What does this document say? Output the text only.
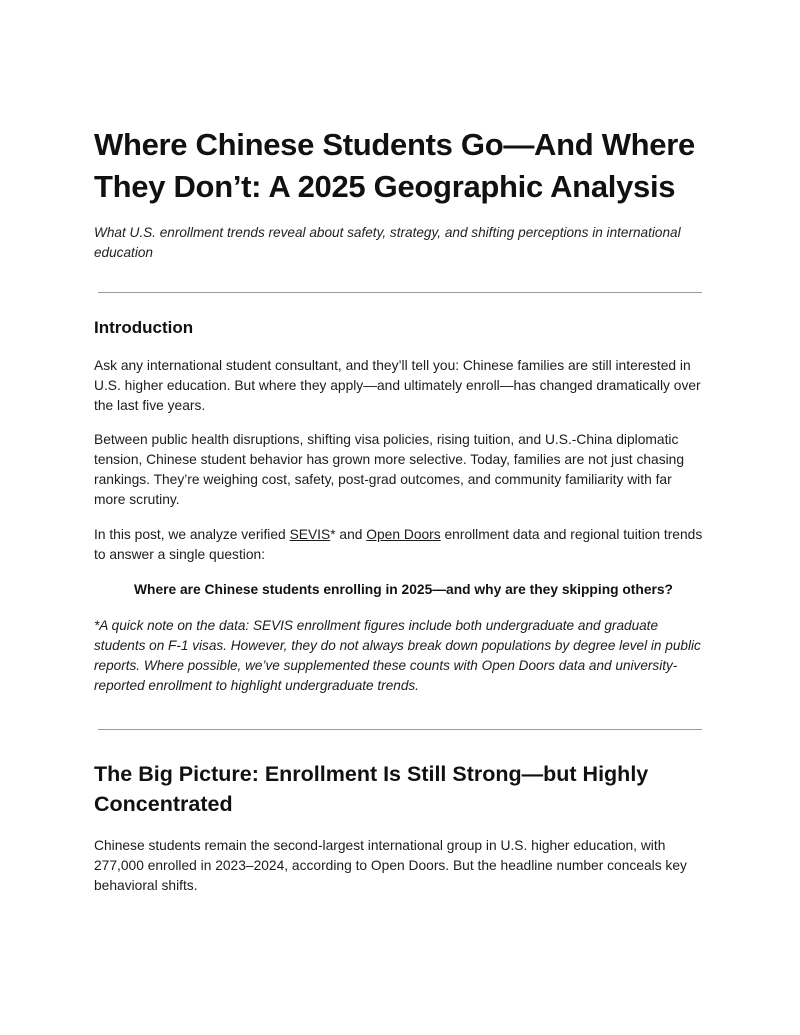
Where Chinese Students Go—And Where They Don’t: A 2025 Geographic Analysis

What U.S. enrollment trends reveal about safety, strategy, and shifting perceptions in international education

Introduction

Ask any international student consultant, and they’ll tell you: Chinese families are still interested in U.S. higher education. But where they apply—and ultimately enroll—has changed dramatically over the last five years.

Between public health disruptions, shifting visa policies, rising tuition, and U.S.-China diplomatic tension, Chinese student behavior has grown more selective. Today, families are not just chasing rankings. They’re weighing cost, safety, post-grad outcomes, and community familiarity with far more scrutiny.

In this post, we analyze verified SEVIS* and Open Doors enrollment data and regional tuition trends to answer a single question:

Where are Chinese students enrolling in 2025—and why are they skipping others?

*A quick note on the data: SEVIS enrollment figures include both undergraduate and graduate students on F-1 visas. However, they do not always break down populations by degree level in public reports. Where possible, we’ve supplemented these counts with Open Doors data and university-reported enrollment to highlight undergraduate trends.

The Big Picture: Enrollment Is Still Strong—but Highly Concentrated

Chinese students remain the second-largest international group in U.S. higher education, with 277,000 enrolled in 2023–2024, according to Open Doors. But the headline number conceals key behavioral shifts.
